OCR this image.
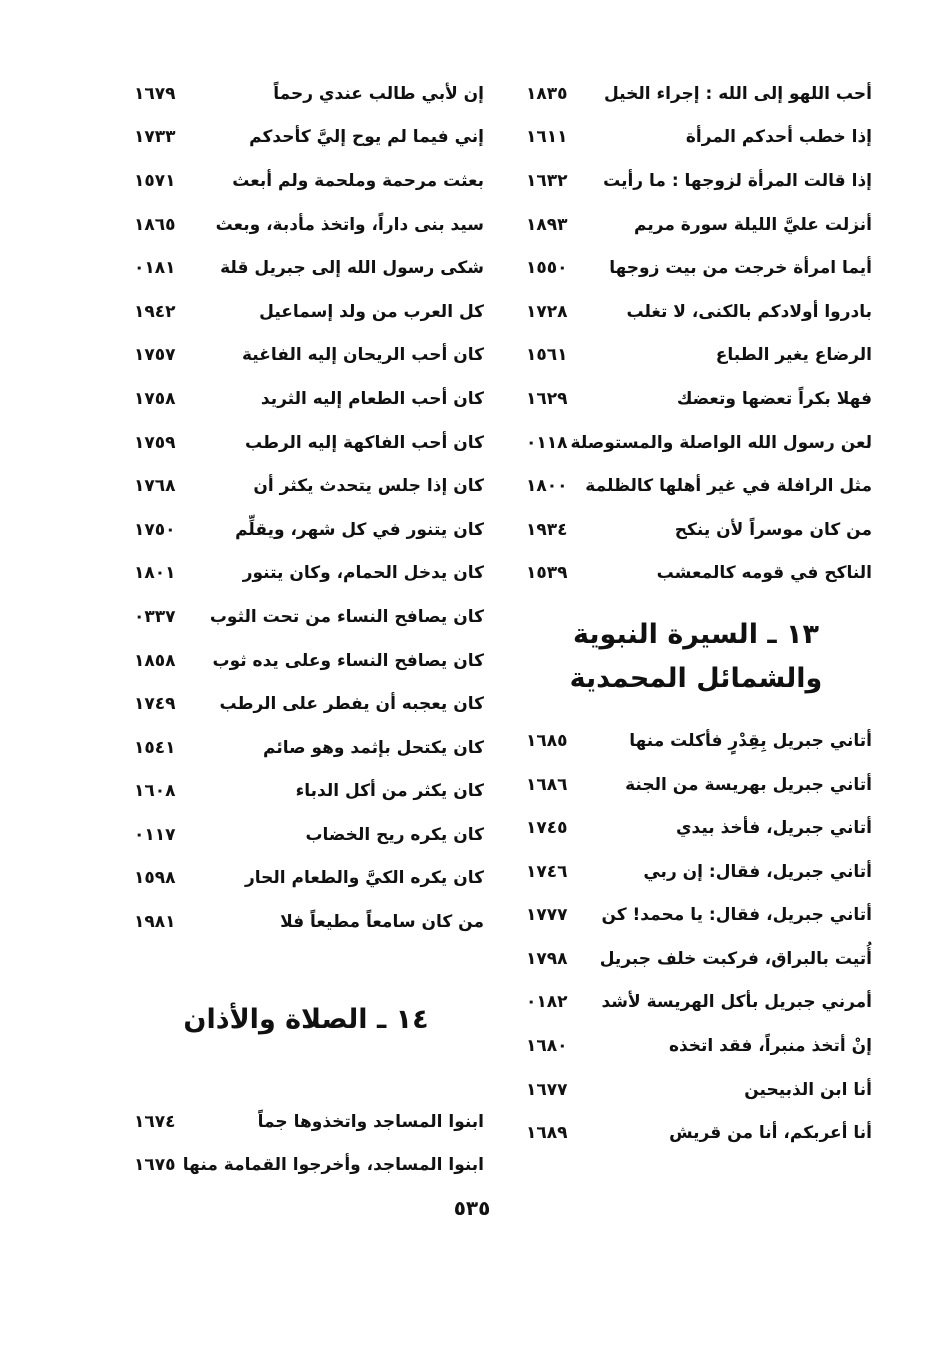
١٨٣٥	أحب اللهو إلى الله : إجراء الخيل
١٦١١	إذا خطب أحدكم المرأة
١٦٣٢	إذا قالت المرأة لزوجها : ما رأيت
١٨٩٣	أنزلت عليَّ الليلة سورة مريم
١٥٥٠	أيما امرأة خرجت من بيت زوجها
١٧٢٨	بادروا أولادكم بالكنى، لا تغلب
١٥٦١	الرضاع يغير الطباع
١٦٢٩	فهلا بكراً تعضها وتعضك
٠١١٨ لعن رسول الله الواصلة والمستوصلة
١٨٠٠	مثل الرافلة في غير أهلها كالظلمة
١٩٣٤	من كان موسراً لأن ينكح
١٥٣٩	الناكح في قومه كالمعشب
١٣ ـ السيرة النبوية والشمائل المحمدية
١٦٨٥	أتاني جبريل بِقِدْرٍ فأكلت منها
١٦٨٦	أتاني جبريل بهريسة من الجنة
١٧٤٥	أتاني جبريل، فأخذ بيدي
١٧٤٦	أتاني جبريل، فقال: إن ربي
١٧٧٧	أتاني جبريل، فقال: يا محمد! كن
١٧٩٨	أُتيت بالبراق، فركبت خلف جبريل
٠١٨٢	أمرني جبريل بأكل الهريسة لأشد
١٦٨٠	إنْ أتخذ منبراً، فقد اتخذه
١٦٧٧	أنا ابن الذبيحين
١٦٨٩	أنا أعربكم، أنا من قريش
١٦٧٩	إن لأبي طالب عندي رحماً
١٧٣٣	إني فيما لم يوح إليَّ كأحدكم
١٥٧١	بعثت مرحمة وملحمة ولم أبعث
١٨٦٥	سيد بنى داراً، واتخذ مأدبة، وبعث
٠١٨١	شكى رسول الله إلى جبريل قلة
١٩٤٢	كل العرب من ولد إسماعيل
١٧٥٧	كان أحب الريحان إليه الفاغية
١٧٥٨	كان أحب الطعام إليه الثريد
١٧٥٩	كان أحب الفاكهة إليه الرطب
١٧٦٨	كان إذا جلس يتحدث يكثر أن
١٧٥٠	كان يتنور في كل شهر، ويقلِّم
١٨٠١	كان يدخل الحمام، وكان يتنور
٠٣٣٧	كان يصافح النساء من تحت الثوب
١٨٥٨	كان يصافح النساء وعلى يده ثوب
١٧٤٩	كان يعجبه أن يفطر على الرطب
١٥٤١	كان يكتحل بإثمد وهو صائم
١٦٠٨	كان يكثر من أكل الدباء
٠١١٧	كان يكره ريح الخضاب
١٥٩٨	كان يكره الكيَّ والطعام الحار
١٩٨١	من كان سامعاً مطيعاً فلا
١٤ ـ الصلاة والأذان
١٦٧٤	ابنوا المساجد واتخذوها جماً
١٦٧٥ ابنوا المساجد، وأخرجوا القمامة منها
٥٣٥
